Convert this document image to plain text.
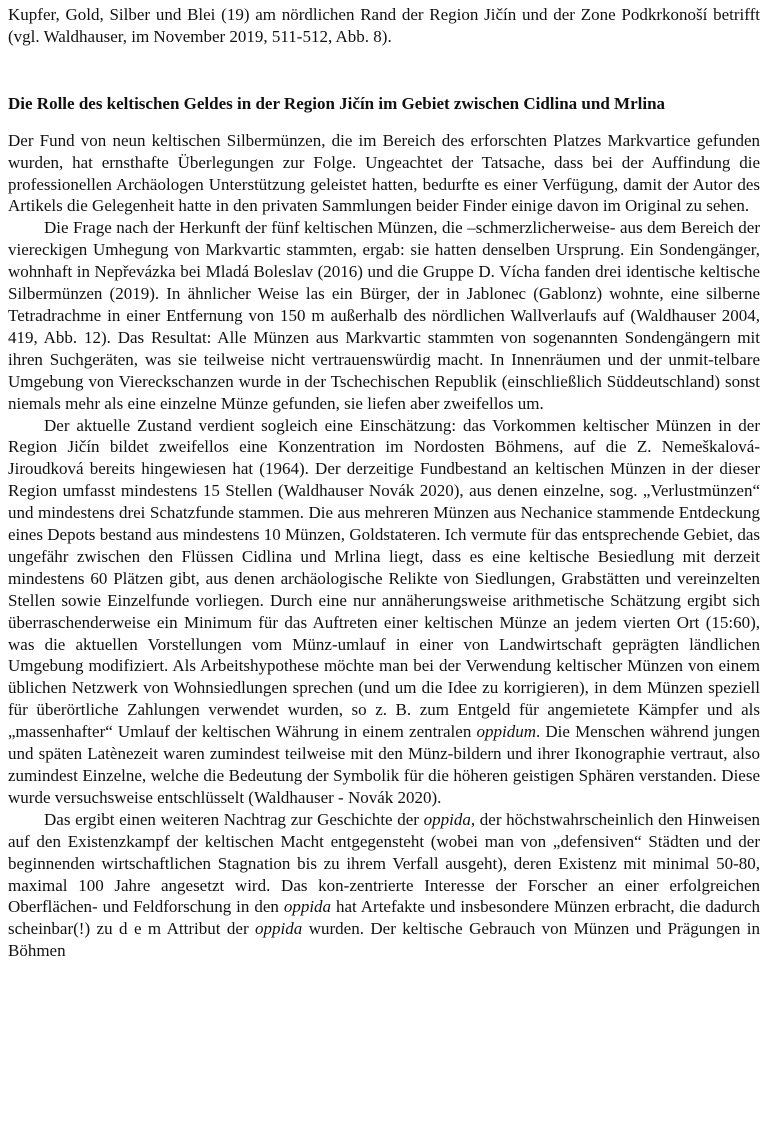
Kupfer, Gold, Silber und Blei (19) am nördlichen Rand der Region Jičín und der Zone Podkrkonoší betrifft (vgl. Waldhauser, im November 2019, 511-512, Abb. 8).

Die Rolle des keltischen Geldes in der Region Jičín im Gebiet zwischen Cidlina und Mrlina

Der Fund von neun keltischen Silbermünzen, die im Bereich des erforschten Platzes Markvartice gefunden wurden, hat ernsthafte Überlegungen zur Folge. Ungeachtet der Tatsache, dass bei der Auffindung die professionellen Archäologen Unterstützung geleistet hatten, bedurfte es einer Verfügung, damit der Autor des Artikels die Gelegenheit hatte in den privaten Sammlungen beider Finder einige davon im Original zu sehen.

Die Frage nach der Herkunft der fünf keltischen Münzen, die –schmerzlicherweise- aus dem Bereich der viereckigen Umhegung von Markvartic stammten, ergab: sie hatten denselben Ursprung. Ein Sondengänger, wohnhaft in Nepřevázka bei Mladá Boleslav (2016) und die Gruppe D. Vícha fanden drei identische keltische Silbermünzen (2019). In ähnlicher Weise las ein Bürger, der in Jablonec (Gablonz) wohnte, eine silberne Tetradrachme in einer Entfernung von 150 m außerhalb des nördlichen Wallverlaufs auf (Waldhauser 2004, 419, Abb. 12). Das Resultat: Alle Münzen aus Markvartic stammten von sogenannten Sondengängern mit ihren Suchgeräten, was sie teilweise nicht vertrauenswürdig macht. In Innenräumen und der unmit-telbare Umgebung von Viereckschanzen wurde in der Tschechischen Republik (einschließlich Süddeutschland) sonst niemals mehr als eine einzelne Münze gefunden, sie liefen aber zweifellos um.

Der aktuelle Zustand verdient sogleich eine Einschätzung: das Vorkommen keltischer Münzen in der Region Jičín bildet zweifellos eine Konzentration im Nordosten Böhmens, auf die Z. Nemeškalová-Jiroudková bereits hingewiesen hat (1964). Der derzeitige Fundbestand an keltischen Münzen in der dieser Region umfasst mindestens 15 Stellen (Waldhauser Novák 2020), aus denen einzelne, sog. „Verlustmünzen“ und mindestens drei Schatzfunde stammen. Die aus mehreren Münzen aus Nechanice stammende Entdeckung eines Depots bestand aus mindestens 10 Münzen, Goldstateren. Ich vermute für das entsprechende Gebiet, das ungefähr zwischen den Flüssen Cidlina und Mrlina liegt, dass es eine keltische Besiedlung mit derzeit mindestens 60 Plätzen gibt, aus denen archäologische Relikte von Siedlungen, Grabstätten und vereinzelten Stellen sowie Einzelfunde vorliegen. Durch eine nur annäherungsweise arithmetische Schätzung ergibt sich überraschenderweise ein Minimum für das Auftreten einer keltischen Münze an jedem vierten Ort (15:60), was die aktuellen Vorstellungen vom Münz-umlauf in einer von Landwirtschaft geprägten ländlichen Umgebung modifiziert. Als Arbeitshypothese möchte man bei der Verwendung keltischer Münzen von einem üblichen Netzwerk von Wohnsiedlungen sprechen (und um die Idee zu korrigieren), in dem Münzen speziell für überörtliche Zahlungen verwendet wurden, so z. B. zum Entgeld für angemietete Kämpfer und als „massenhafter“ Umlauf der keltischen Währung in einem zentralen oppidum. Die Menschen während jungen und späten Latènezeit waren zumindest teilweise mit den Münz-bildern und ihrer Ikonographie vertraut, also zumindest Einzelne, welche die Bedeutung der Symbolik für die höheren geistigen Sphären verstanden. Diese wurde versuchsweise entschlüsselt (Waldhauser - Novák 2020).

Das ergibt einen weiteren Nachtrag zur Geschichte der oppida, der höchstwahrscheinlich den Hinweisen auf den Existenzkampf der keltischen Macht entgegensteht (wobei man von „defensiven“ Städten und der beginnenden wirtschaftlichen Stagnation bis zu ihrem Verfall ausgeht), deren Existenz mit minimal 50-80, maximal 100 Jahre angesetzt wird. Das kon-zentrierte Interesse der Forscher an einer erfolgreichen Oberflächen- und Feldforschung in den oppida hat Artefakte und insbesondere Münzen erbracht, die dadurch scheinbar(!) zu d e m Attribut der oppida wurden. Der keltische Gebrauch von Münzen und Prägungen in Böhmen
